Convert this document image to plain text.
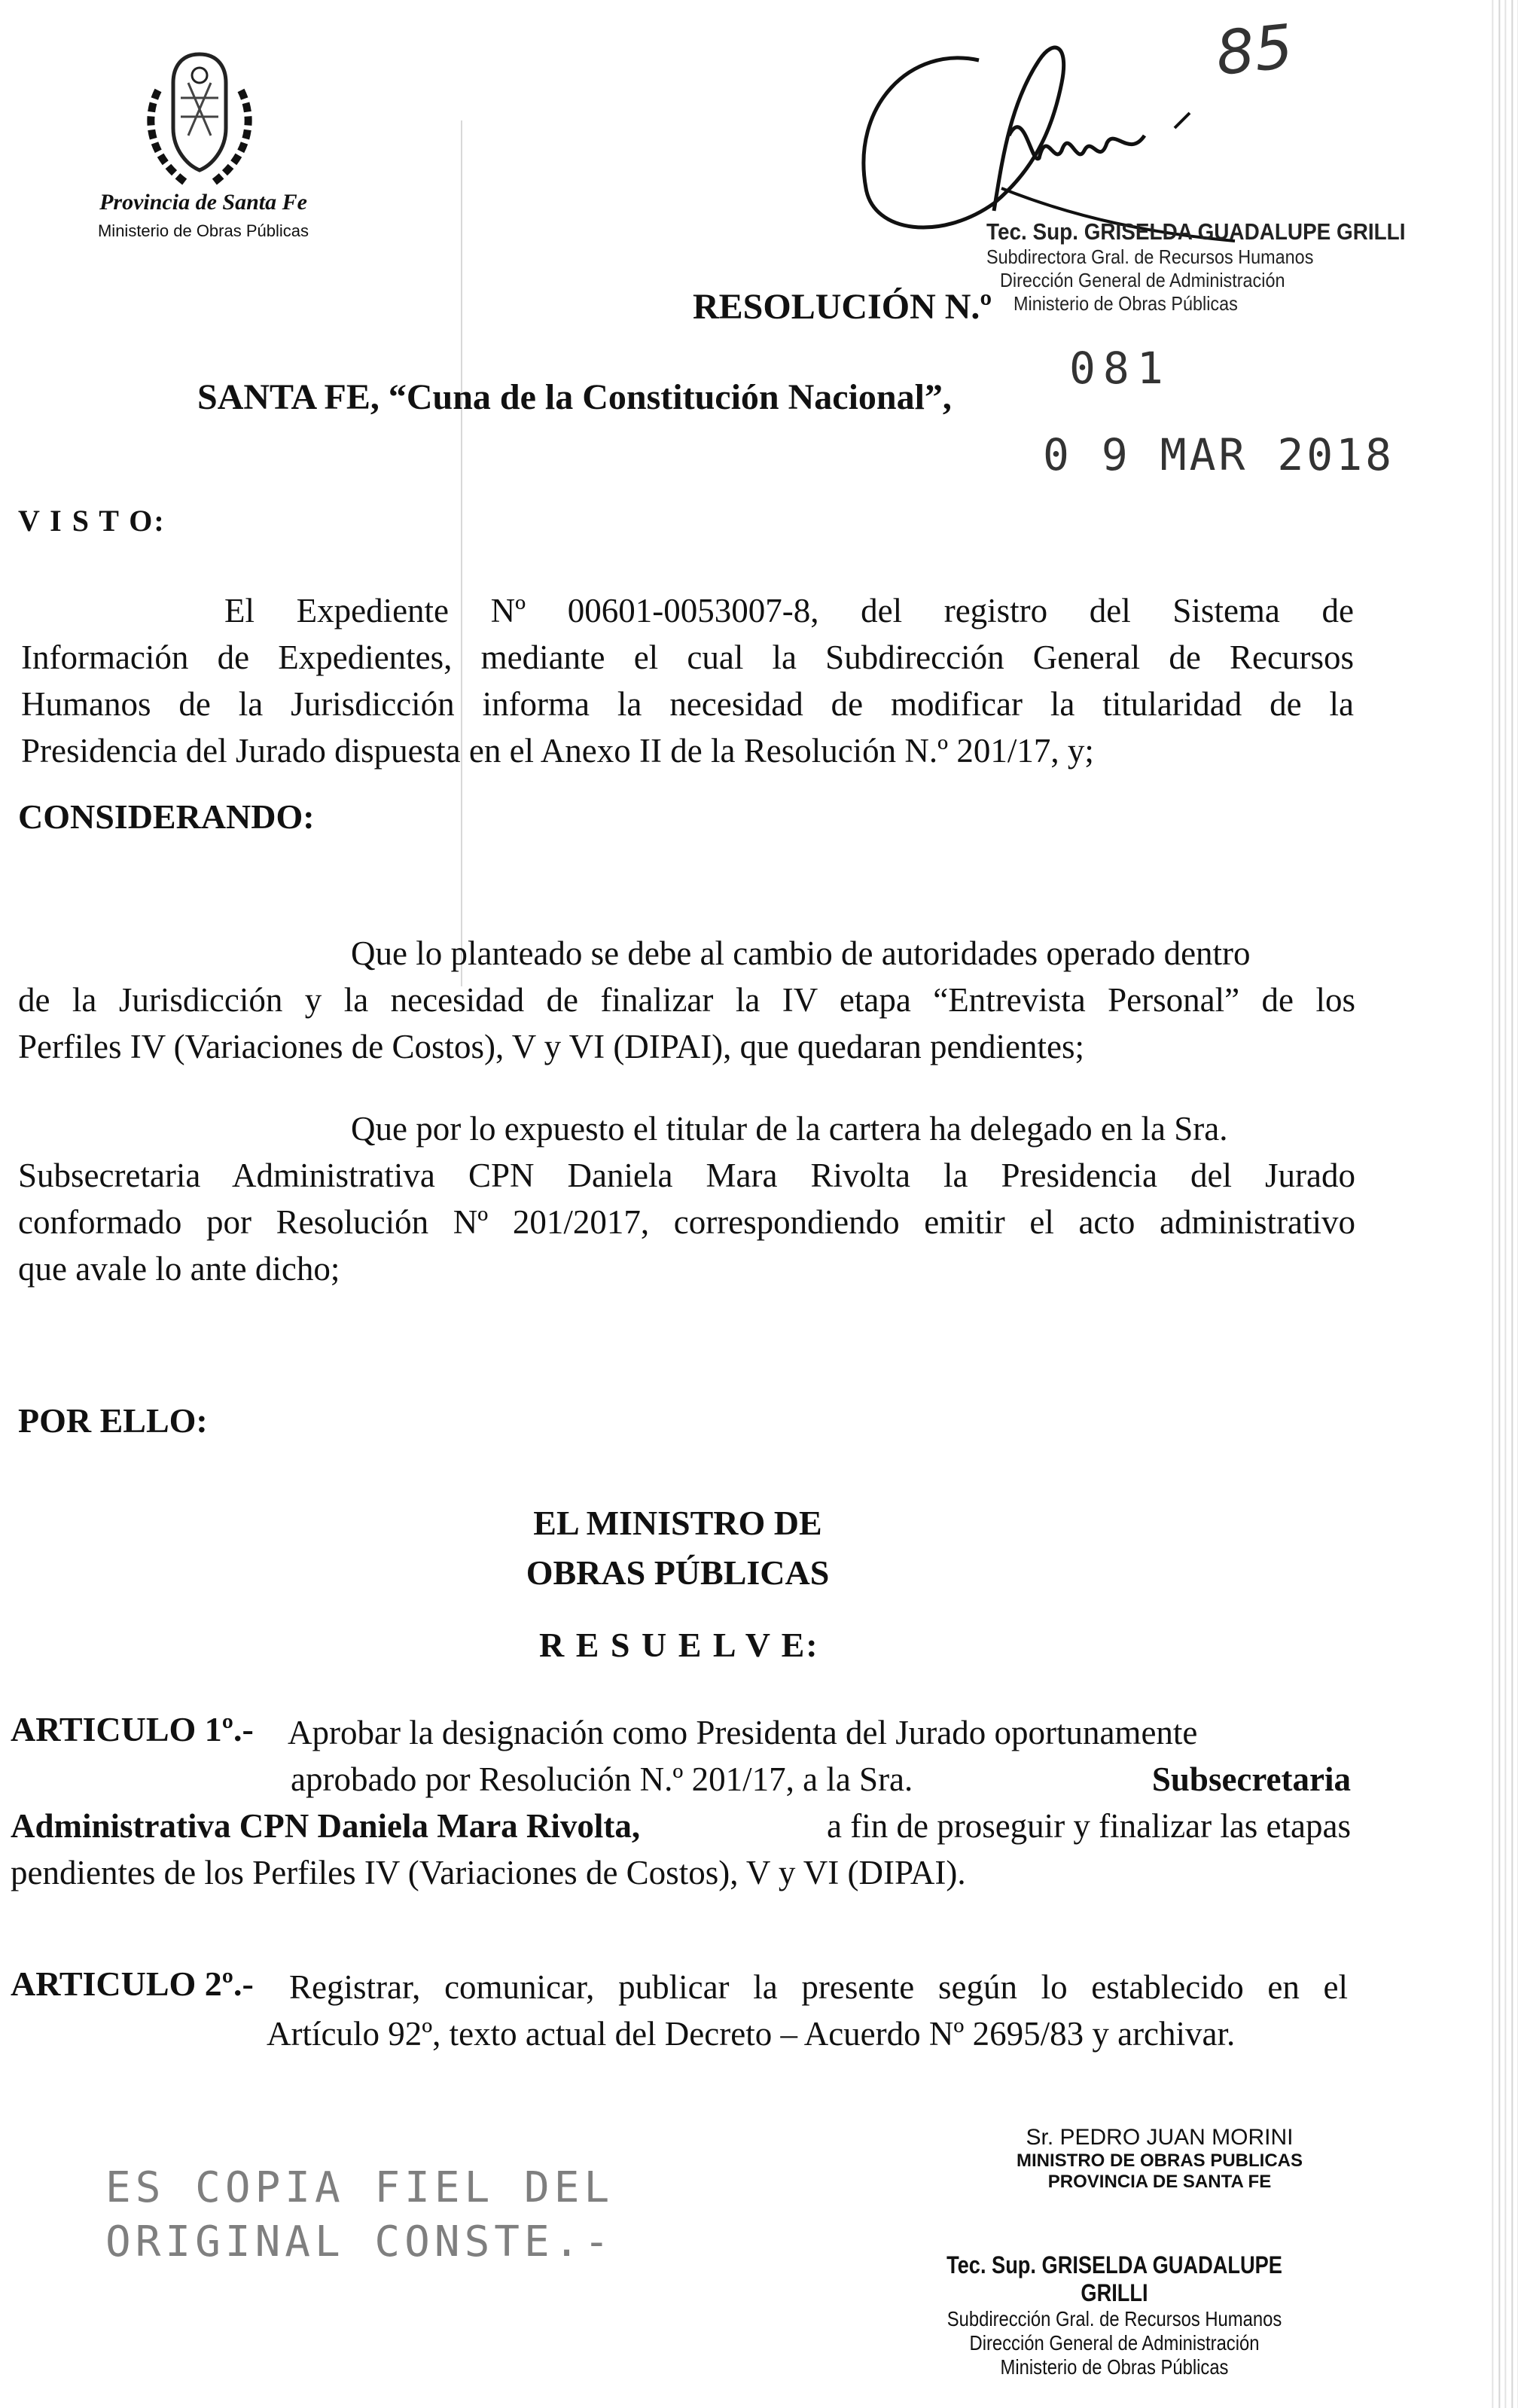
Provincia de Santa Fe
Ministerio de Obras Públicas
85
Tec. Sup. GRISELDA GUADALUPE GRILLI
Subdirectora Gral. de Recursos Humanos
Dirección General de Administración
Ministerio de Obras Públicas
RESOLUCIÓN N.º
081
SANTA FE, “Cuna de la Constitución Nacional”,
0 9 MAR 2018
V I S T O:
El Expediente Nº 00601-0053007-8, del registro del Sistema de
Información de Expedientes, mediante el cual la Subdirección General de Recursos
Humanos de la Jurisdicción informa la necesidad de modificar la titularidad de la
Presidencia del Jurado dispuesta en el Anexo II de la Resolución N.º 201/17, y;
CONSIDERANDO:
Que lo planteado se debe al cambio de autoridades operado dentro
de la Jurisdicción y la necesidad de finalizar la IV etapa “Entrevista Personal” de los
Perfiles IV (Variaciones de Costos), V y VI (DIPAI), que quedaran pendientes;
Que por lo expuesto el titular de la cartera ha delegado en la Sra.
Subsecretaria Administrativa CPN Daniela Mara Rivolta la Presidencia del Jurado
conformado por Resolución Nº 201/2017, correspondiendo emitir el acto administrativo
que avale lo ante dicho;
POR ELLO:
EL MINISTRO DE
OBRAS PÚBLICAS
R E S U E L V E:
ARTICULO 1º.- Aprobar la designación como Presidenta del Jurado oportunamente
aprobado por Resolución N.º 201/17, a la Sra.	Subsecretaria
Administrativa CPN Daniela Mara Rivolta,	a fin de proseguir y finalizar las etapas
pendientes de los Perfiles IV (Variaciones de Costos), V y VI (DIPAI).
ARTICULO 2º.- Registrar, comunicar, publicar la presente según lo establecido en el
Artículo 92º, texto actual del Decreto – Acuerdo Nº 2695/83 y archivar.
ES COPIA FIEL DEL
ORIGINAL CONSTE.-
Sr. PEDRO JUAN MORINI
MINISTRO DE OBRAS PUBLICAS
PROVINCIA DE SANTA FE
Tec. Sup. GRISELDA GUADALUPE GRILLI
Subdirección Gral. de Recursos Humanos
Dirección General de Administración
Ministerio de Obras Públicas
